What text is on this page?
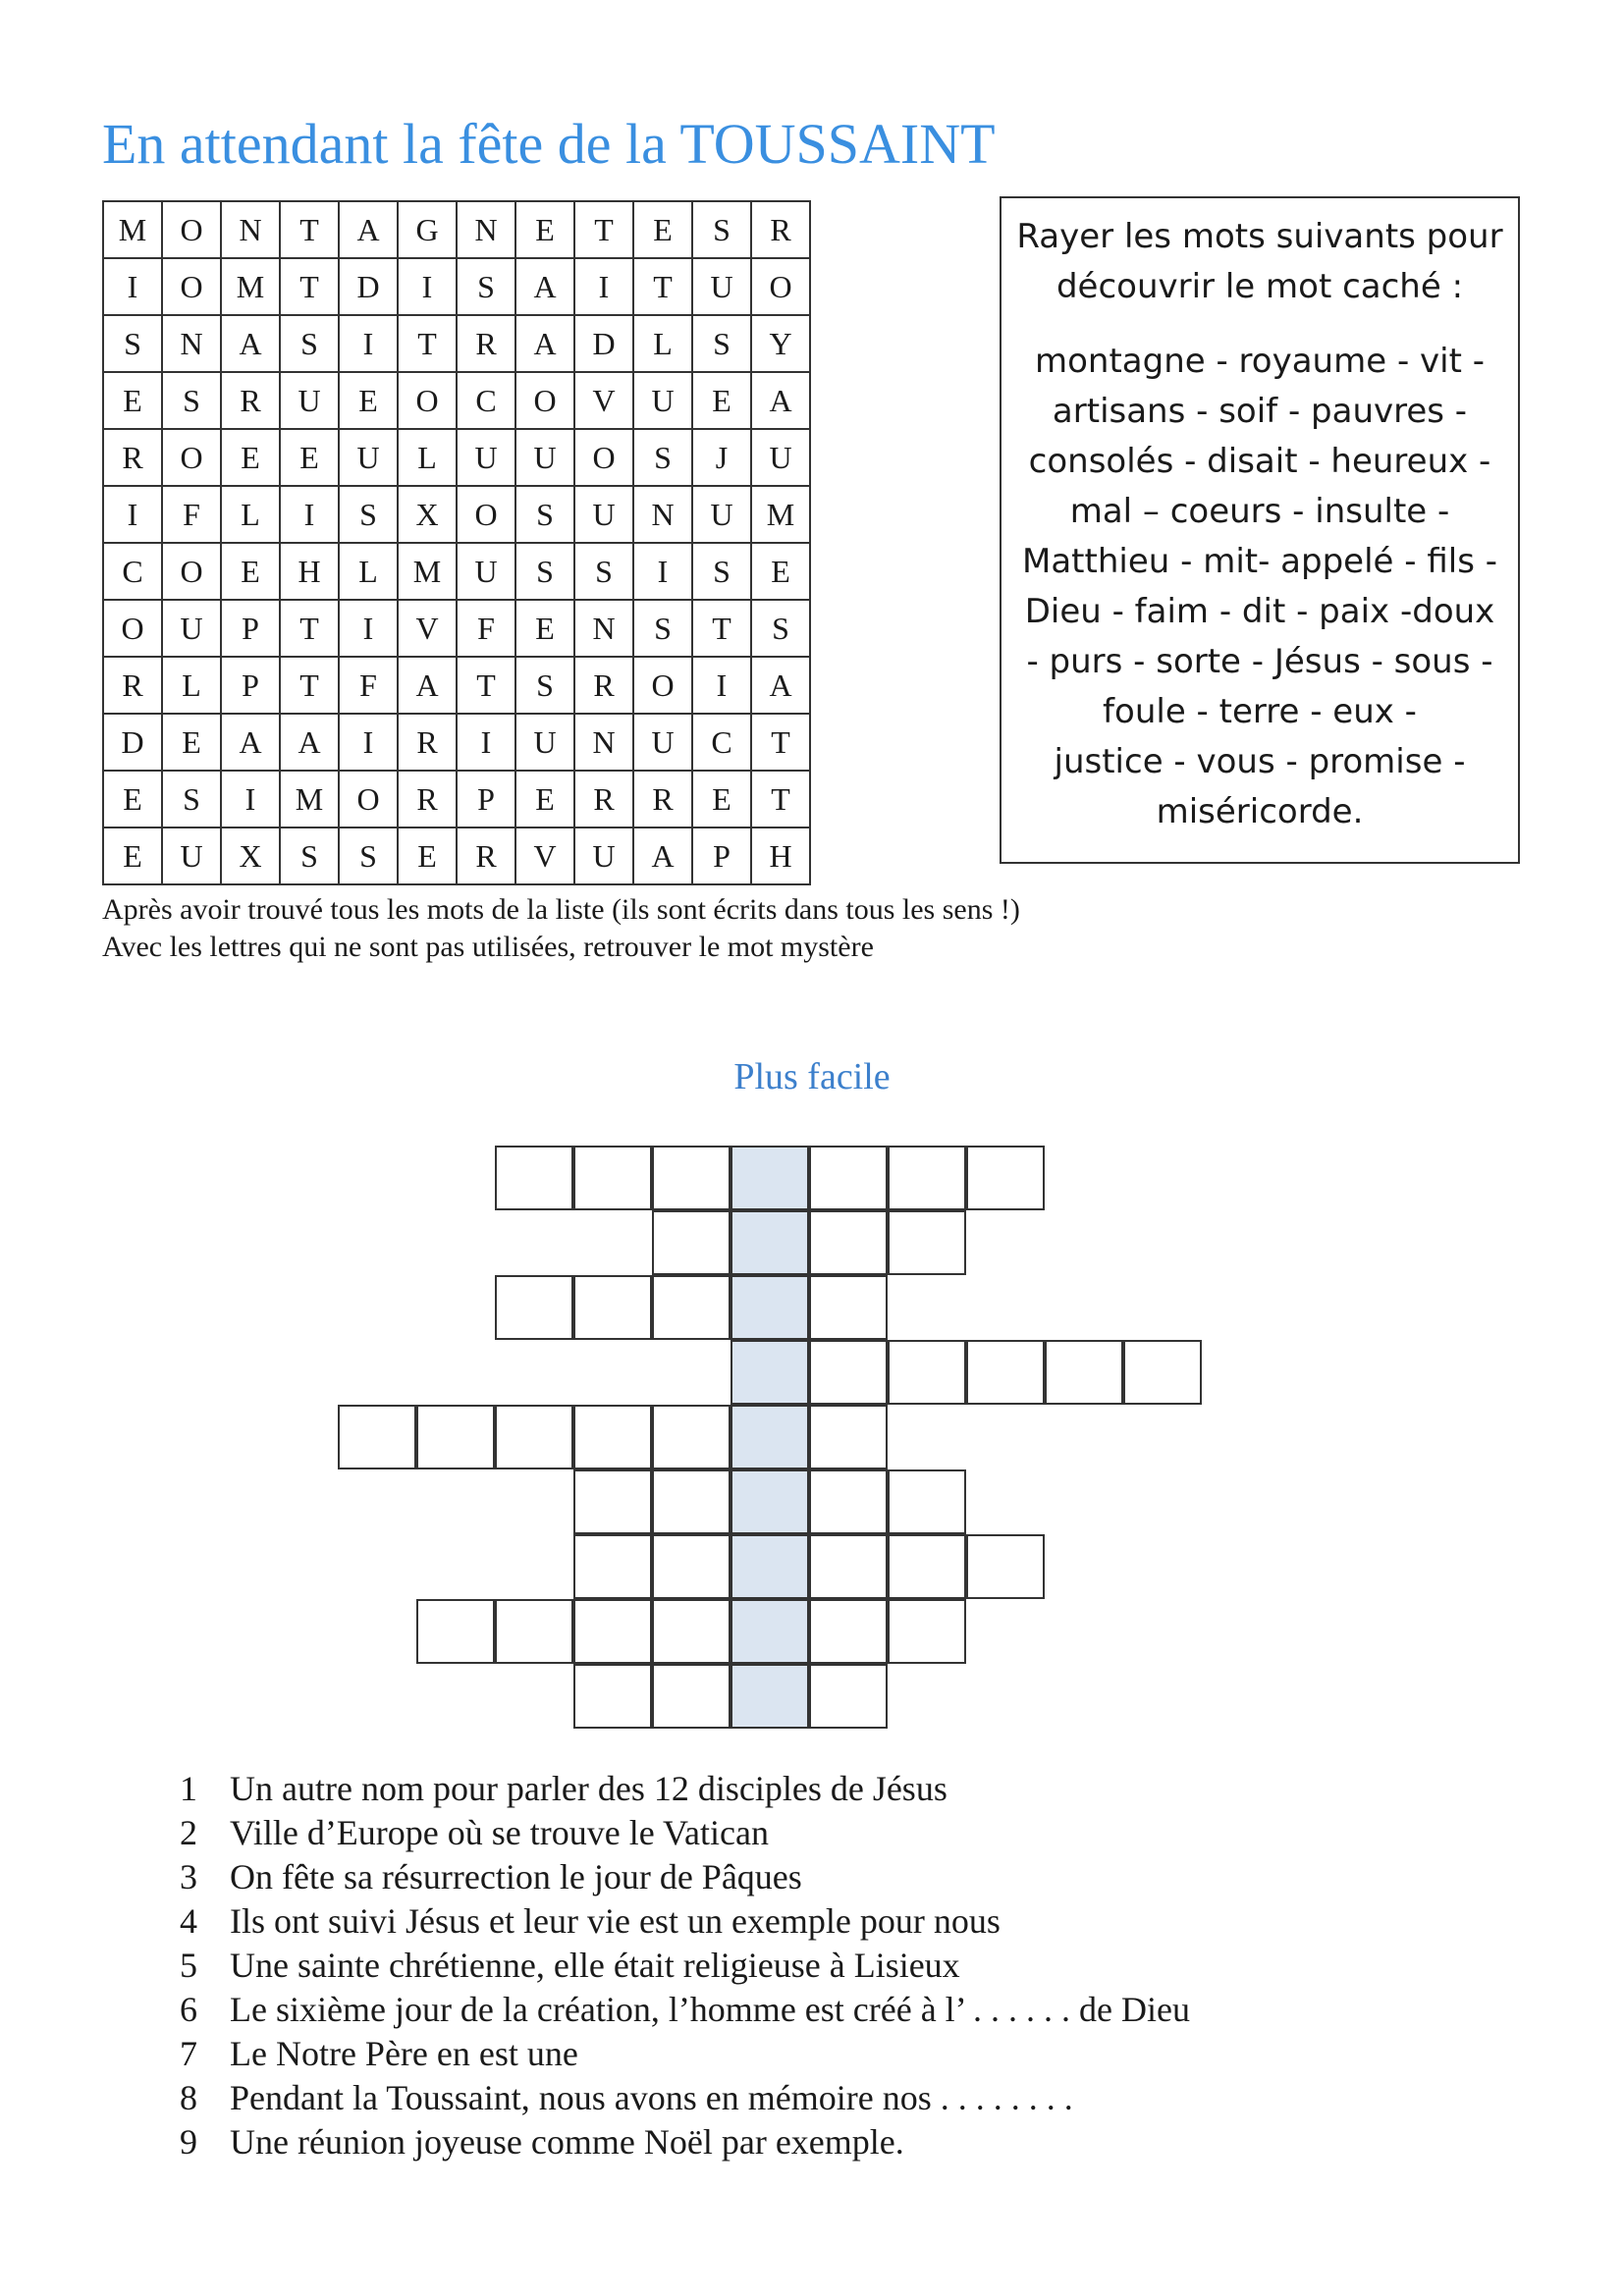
En attendant la fête de la TOUSSAINT
M	O	N	T	A	G	N	E	T	E	S	R
I	O	M	T	D	I	S	A	I	T	U	O
S	N	A	S	I	T	R	A	D	L	S	Y
E	S	R	U	E	O	C	O	V	U	E	A
R	O	E	E	U	L	U	U	O	S	J	U
I	F	L	I	S	X	O	S	U	N	U	M
C	O	E	H	L	M	U	S	S	I	S	E
O	U	P	T	I	V	F	E	N	S	T	S
R	L	P	T	F	A	T	S	R	O	I	A
D	E	A	A	I	R	I	U	N	U	C	T
E	S	I	M	O	R	P	E	R	R	E	T
E	U	X	S	S	E	R	V	U	A	P	H

Rayer les mots suivants pour
découvrir le mot caché :

montagne - royaume - vit -
artisans - soif - pauvres -
consolés - disait - heureux -
mal – coeurs - insulte -
Matthieu - mit- appelé - fils -
Dieu - faim - dit - paix -doux
- purs - sorte - Jésus - sous -
foule - terre - eux -
justice - vous - promise -
miséricorde.

Après avoir trouvé tous les mots de la liste (ils sont écrits dans tous les sens !)
Avec les lettres qui ne sont pas utilisées, retrouver le mot mystère
Plus facile
1 Un autre nom pour parler des 12 disciples de Jésus
2 Ville d’Europe où se trouve le Vatican
3 On fête sa résurrection le jour de Pâques
4 Ils ont suivi Jésus et leur vie est un exemple pour nous
5 Une sainte chrétienne, elle était religieuse à Lisieux
6 Le sixième jour de la création, l’homme est créé à l’ . . . . . . de Dieu
7 Le Notre Père en est une
8 Pendant la Toussaint, nous avons en mémoire nos . . . . . . . .
9 Une réunion joyeuse comme Noël par exemple.
